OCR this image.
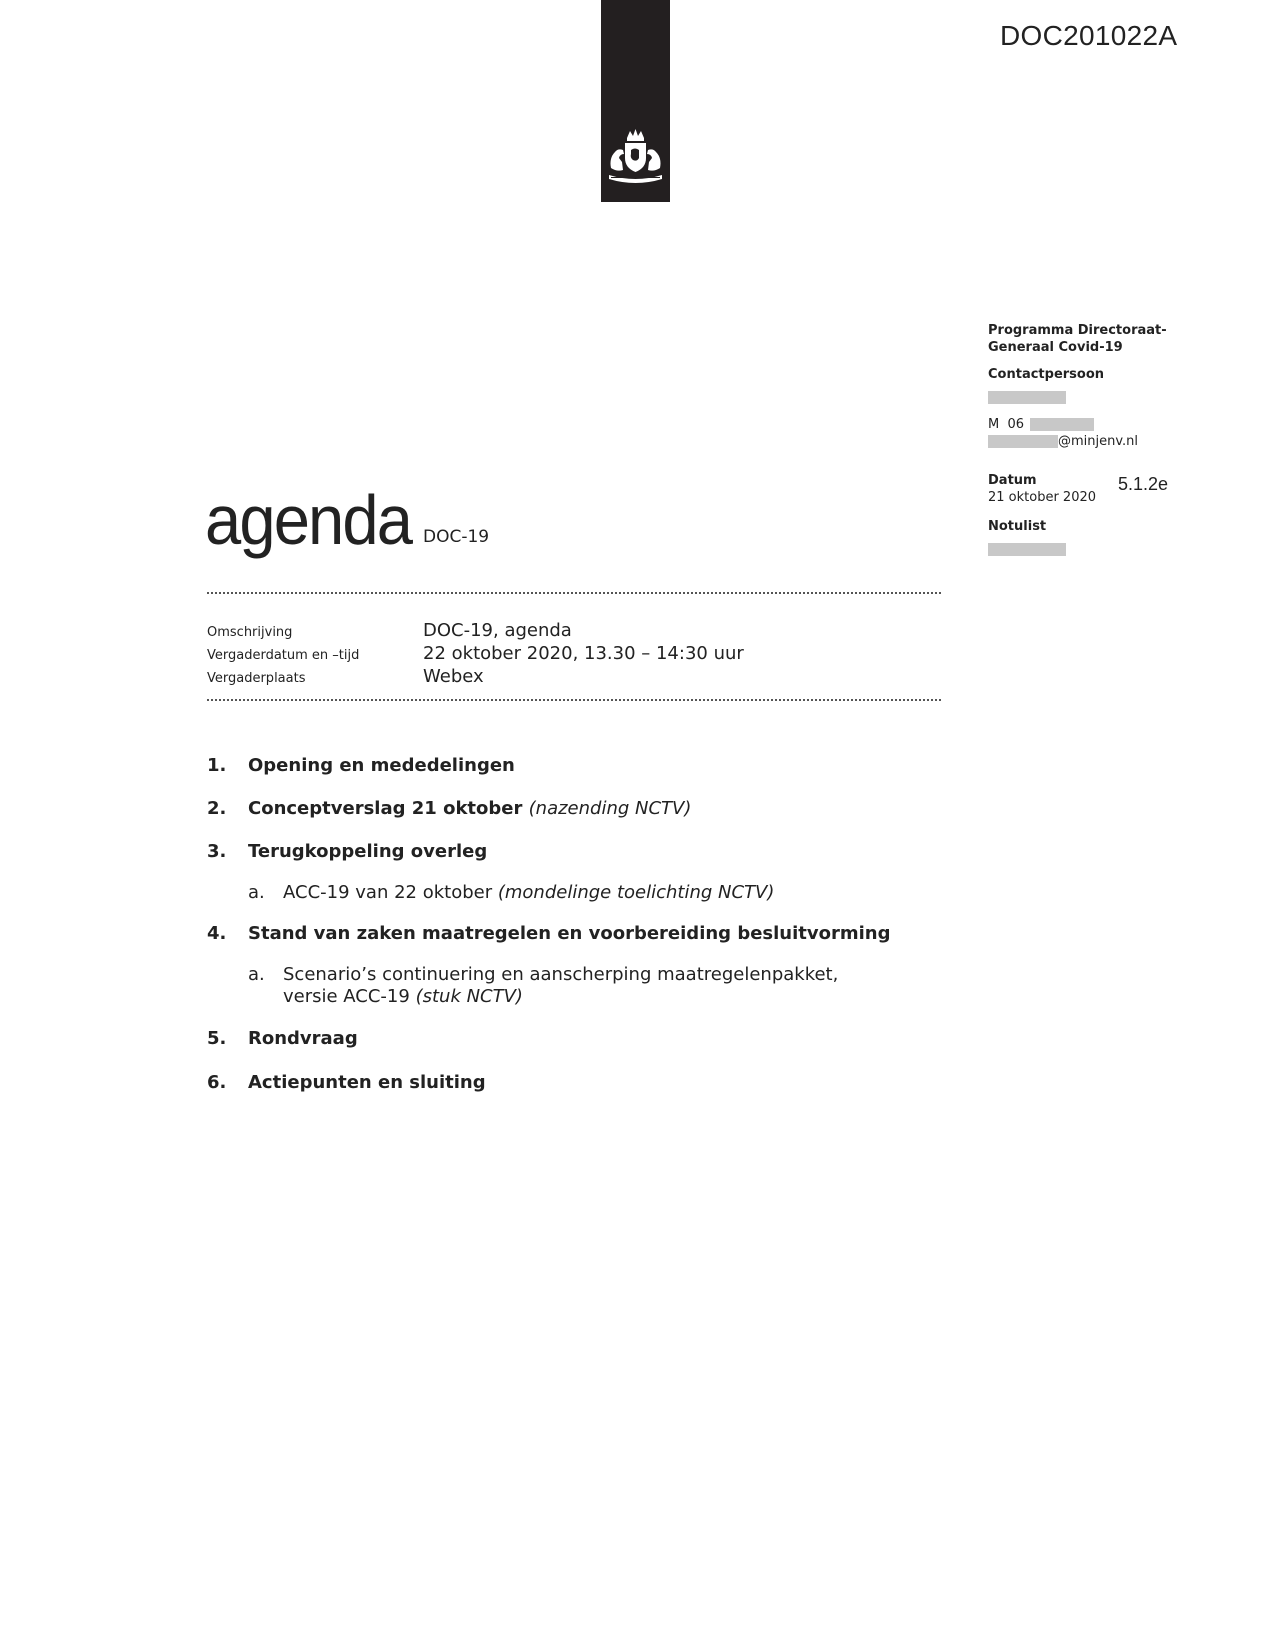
DOC201022A
Programma Directoraat-
Generaal Covid-19
Contactpersoon
M  06
@minjenv.nl
Datum
21 oktober 2020
Notulist
5.1.2e
agenda DOC-19
Omschrijving	DOC-19, agenda
Vergaderdatum en –tijd	22 oktober 2020, 13.30 – 14:30 uur
Vergaderplaats	Webex
1. Opening en mededelingen
2. Conceptverslag 21 oktober (nazending NCTV)
3. Terugkoppeling overleg
a. ACC-19 van 22 oktober (mondelinge toelichting NCTV)
4. Stand van zaken maatregelen en voorbereiding besluitvorming
a. Scenario’s continuering en aanscherping maatregelenpakket, versie ACC-19 (stuk NCTV)
5. Rondvraag
6. Actiepunten en sluiting
